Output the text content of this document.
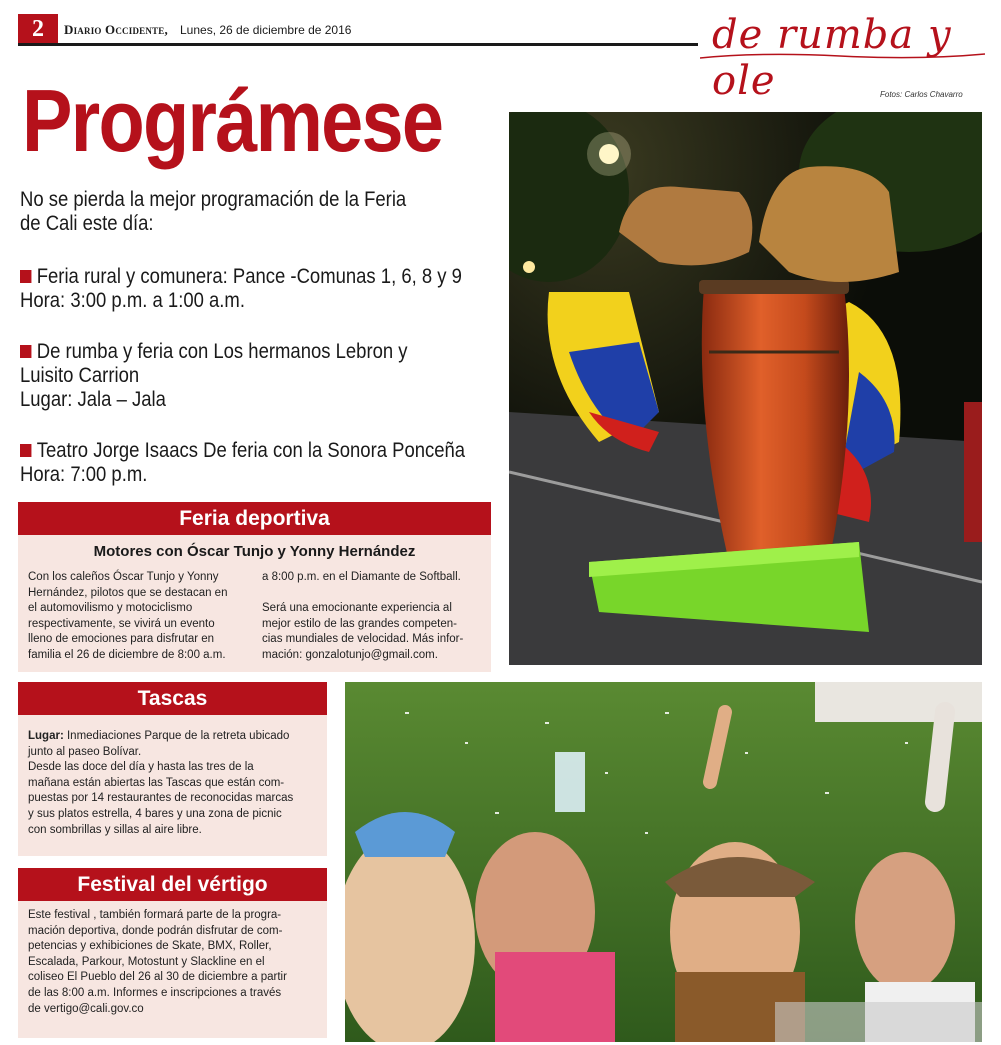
2	Diario Occidente, Lunes, 26 de diciembre de 2016	de rumba y ole	Fotos: Carlos Chavarro
Prográmese
No se pierda la mejor programación de la Feria
de Cali este día:
Feria rural y comunera: Pance -Comunas 1, 6, 8 y 9
Hora: 3:00 p.m. a 1:00 a.m.
De rumba y feria con Los hermanos Lebron y
Luisito Carrion
Lugar: Jala – Jala
Teatro Jorge Isaacs De feria con la Sonora Ponceña
Hora: 7:00 p.m.
Feria deportiva
Motores con Óscar Tunjo y Yonny Hernández
Con los caleños Óscar Tunjo y Yonny
Hernández, pilotos que se destacan en
el automovilismo y motociclismo
respectivamente, se vivirá un evento
lleno de emociones para disfrutar en
familia el 26 de diciembre de 8:00 a.m.
a 8:00 p.m. en el Diamante de Softball.
Será una emocionante experiencia al
mejor estilo de las grandes competen-
cias mundiales de velocidad. Más infor-
mación: gonzalotunjo@gmail.com.
Tascas
Lugar: Inmediaciones Parque de la retreta ubicado
junto al paseo Bolívar.
Desde las doce del día y hasta las tres de la
mañana están abiertas las Tascas que están com-
puestas por 14 restaurantes de reconocidas marcas
y sus platos estrella, 4 bares y una zona de picnic
con sombrillas y sillas al aire libre.
Festival del vértigo
Este festival , también formará parte de la progra-
mación deportiva, donde podrán disfrutar de com-
petencias y exhibiciones de Skate, BMX, Roller,
Escalada, Parkour, Motostunt y Slackline en el
coliseo El Pueblo del 26 al 30 de diciembre a partir
de las 8:00 a.m. Informes e inscripciones a través
de vertigo@cali.gov.co
